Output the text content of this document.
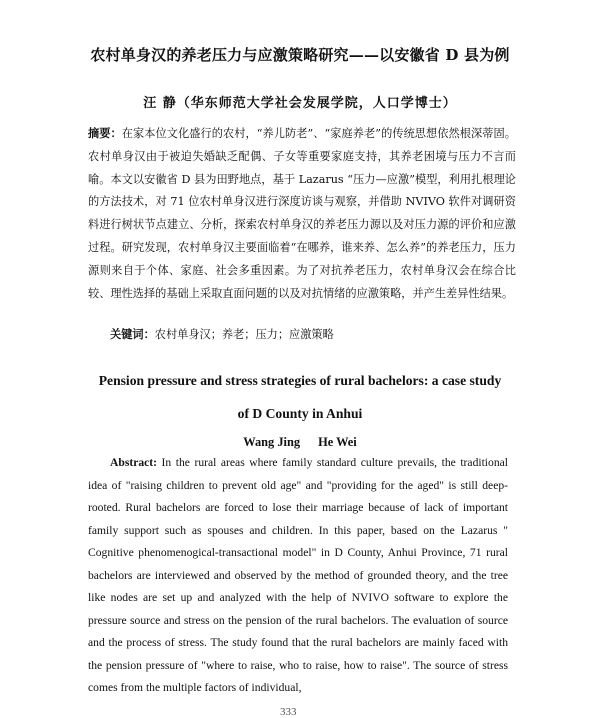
农村单身汉的养老压力与应激策略研究——以安徽省 D 县为例
汪 静（华东师范大学社会发展学院，人口学博士）
摘要：在家本位文化盛行的农村，“养儿防老”、“家庭养老”的传统思想依然根深蒂固。农村单身汉由于被迫失婚缺乏配偶、子女等重要家庭支持，其养老困境与压力不言而喻。本文以安徽省 D 县为田野地点，基于 Lazarus “压力—应激”模型，利用扎根理论的方法技术，对 71 位农村单身汉进行深度访谈与观察，并借助 NVIVO 软件对调研资料进行树状节点建立、分析，探索农村单身汉的养老压力源以及对压力源的评价和应激过程。研究发现，农村单身汉主要面临着“在哪养，谁来养、怎么养”的养老压力，压力源则来自于个体、家庭、社会多重因素。为了对抗养老压力，农村单身汉会在综合比较、理性选择的基础上采取直面问题的以及对抗情绪的应激策略，并产生差异性结果。
关键词：农村单身汉；养老；压力；应激策略
Pension pressure and stress strategies of rural bachelors: a case study
of D County in Anhui
Wang Jing He Wei
Abstract: In the rural areas where family standard culture prevails, the traditional idea of "raising children to prevent old age" and "providing for the aged" is still deep-rooted. Rural bachelors are forced to lose their marriage because of lack of important family support such as spouses and children. In this paper, based on the Lazarus " Cognitive phenomenogical-transactional model" in D County, Anhui Province, 71 rural bachelors are interviewed and observed by the method of grounded theory, and the tree like nodes are set up and analyzed with the help of NVIVO software to explore the pressure source and stress on the pension of the rural bachelors. The evaluation of source and the process of stress. The study found that the rural bachelors are mainly faced with the pension pressure of "where to raise, who to raise, how to raise". The source of stress comes from the multiple factors of individual,
333
